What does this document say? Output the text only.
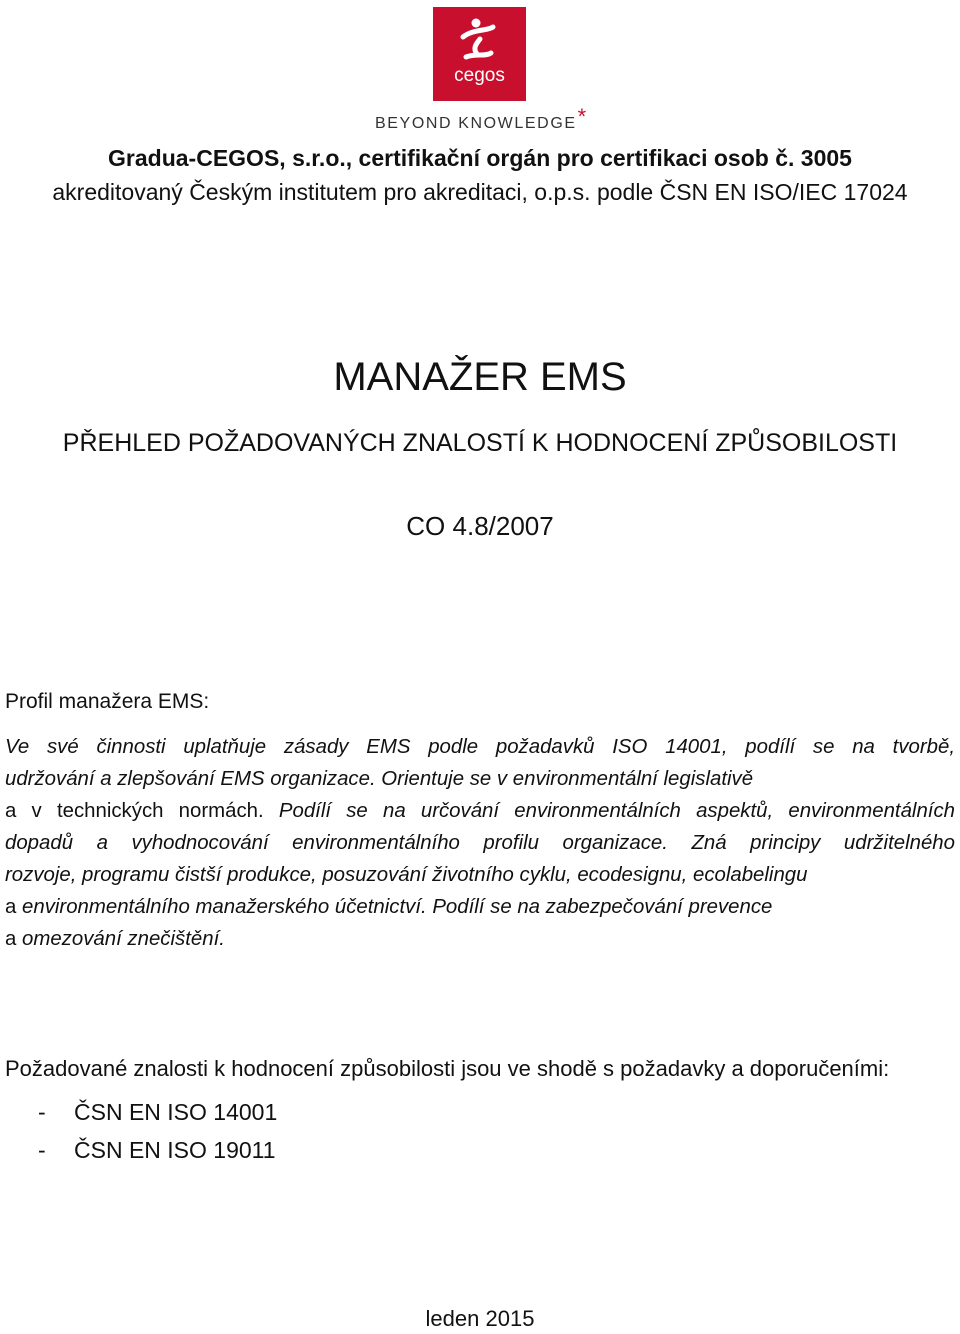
cegos
BEYOND KNOWLEDGE*
Gradua-CEGOS, s.r.o., certifikační orgán pro certifikaci osob č. 3005
akreditovaný Českým institutem pro akreditaci, o.p.s. podle ČSN EN ISO/IEC 17024
MANAŽER EMS
PŘEHLED POŽADOVANÝCH ZNALOSTÍ K HODNOCENÍ ZPŮSOBILOSTI
CO 4.8/2007
Profil manažera EMS:
Ve své činnosti uplatňuje zásady EMS podle požadavků ISO 14001, podílí se na tvorbě,
udržování a zlepšování EMS organizace. Orientuje se v environmentální legislativě
a v technických normách. Podílí se na určování environmentálních aspektů, environmentálních
dopadů a vyhodnocování environmentálního profilu organizace. Zná principy udržitelného
rozvoje, programu čistší produkce, posuzování životního cyklu, ecodesignu, ecolabelingu
a environmentálního manažerského účetnictví. Podílí se na zabezpečování prevence
a omezování znečištění.
Požadované znalosti k hodnocení způsobilosti jsou ve shodě s požadavky a doporučeními:
- ČSN EN ISO 14001
- ČSN EN ISO 19011
leden 2015
